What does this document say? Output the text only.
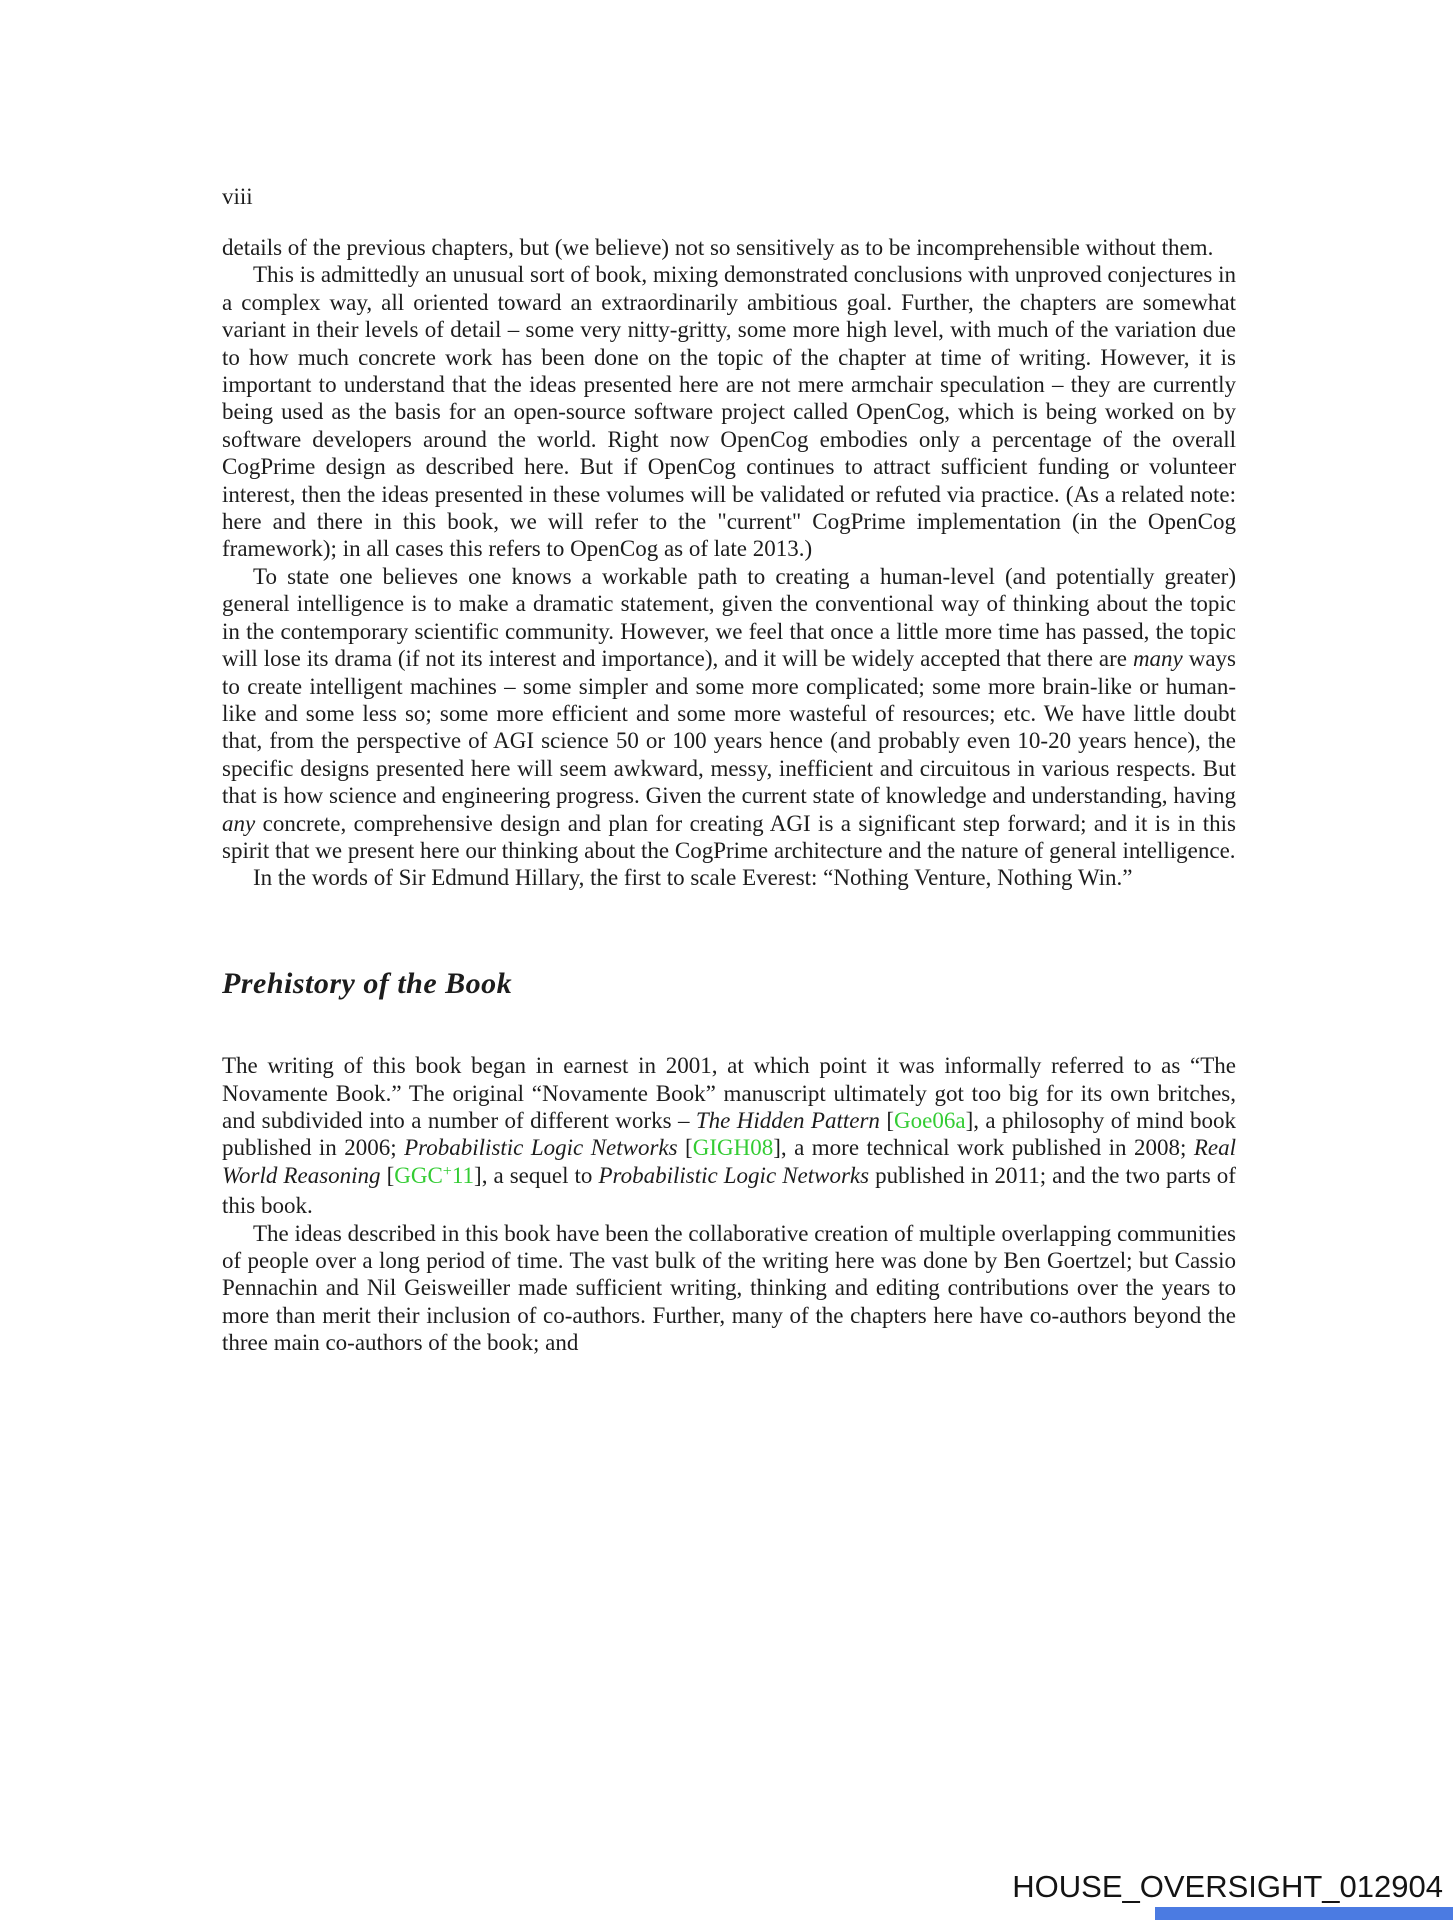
viii

details of the previous chapters, but (we believe) not so sensitively as to be incomprehensible without them.

This is admittedly an unusual sort of book, mixing demonstrated conclusions with unproved conjectures in a complex way, all oriented toward an extraordinarily ambitious goal. Further, the chapters are somewhat variant in their levels of detail – some very nitty-gritty, some more high level, with much of the variation due to how much concrete work has been done on the topic of the chapter at time of writing. However, it is important to understand that the ideas presented here are not mere armchair speculation – they are currently being used as the basis for an open-source software project called OpenCog, which is being worked on by software developers around the world. Right now OpenCog embodies only a percentage of the overall CogPrime design as described here. But if OpenCog continues to attract sufficient funding or volunteer interest, then the ideas presented in these volumes will be validated or refuted via practice. (As a related note: here and there in this book, we will refer to the "current" CogPrime implementation (in the OpenCog framework); in all cases this refers to OpenCog as of late 2013.)

To state one believes one knows a workable path to creating a human-level (and potentially greater) general intelligence is to make a dramatic statement, given the conventional way of thinking about the topic in the contemporary scientific community. However, we feel that once a little more time has passed, the topic will lose its drama (if not its interest and importance), and it will be widely accepted that there are many ways to create intelligent machines – some simpler and some more complicated; some more brain-like or human-like and some less so; some more efficient and some more wasteful of resources; etc. We have little doubt that, from the perspective of AGI science 50 or 100 years hence (and probably even 10-20 years hence), the specific designs presented here will seem awkward, messy, inefficient and circuitous in various respects. But that is how science and engineering progress. Given the current state of knowledge and understanding, having any concrete, comprehensive design and plan for creating AGI is a significant step forward; and it is in this spirit that we present here our thinking about the CogPrime architecture and the nature of general intelligence.

In the words of Sir Edmund Hillary, the first to scale Everest: “Nothing Venture, Nothing Win.”

Prehistory of the Book

The writing of this book began in earnest in 2001, at which point it was informally referred to as “The Novamente Book.” The original “Novamente Book” manuscript ultimately got too big for its own britches, and subdivided into a number of different works – The Hidden Pattern [Goe06a], a philosophy of mind book published in 2006; Probabilistic Logic Networks [GIGH08], a more technical work published in 2008; Real World Reasoning [GGC+11], a sequel to Probabilistic Logic Networks published in 2011; and the two parts of this book.

The ideas described in this book have been the collaborative creation of multiple overlapping communities of people over a long period of time. The vast bulk of the writing here was done by Ben Goertzel; but Cassio Pennachin and Nil Geisweiller made sufficient writing, thinking and editing contributions over the years to more than merit their inclusion of co-authors. Further, many of the chapters here have co-authors beyond the three main co-authors of the book; and

HOUSE_OVERSIGHT_012904
